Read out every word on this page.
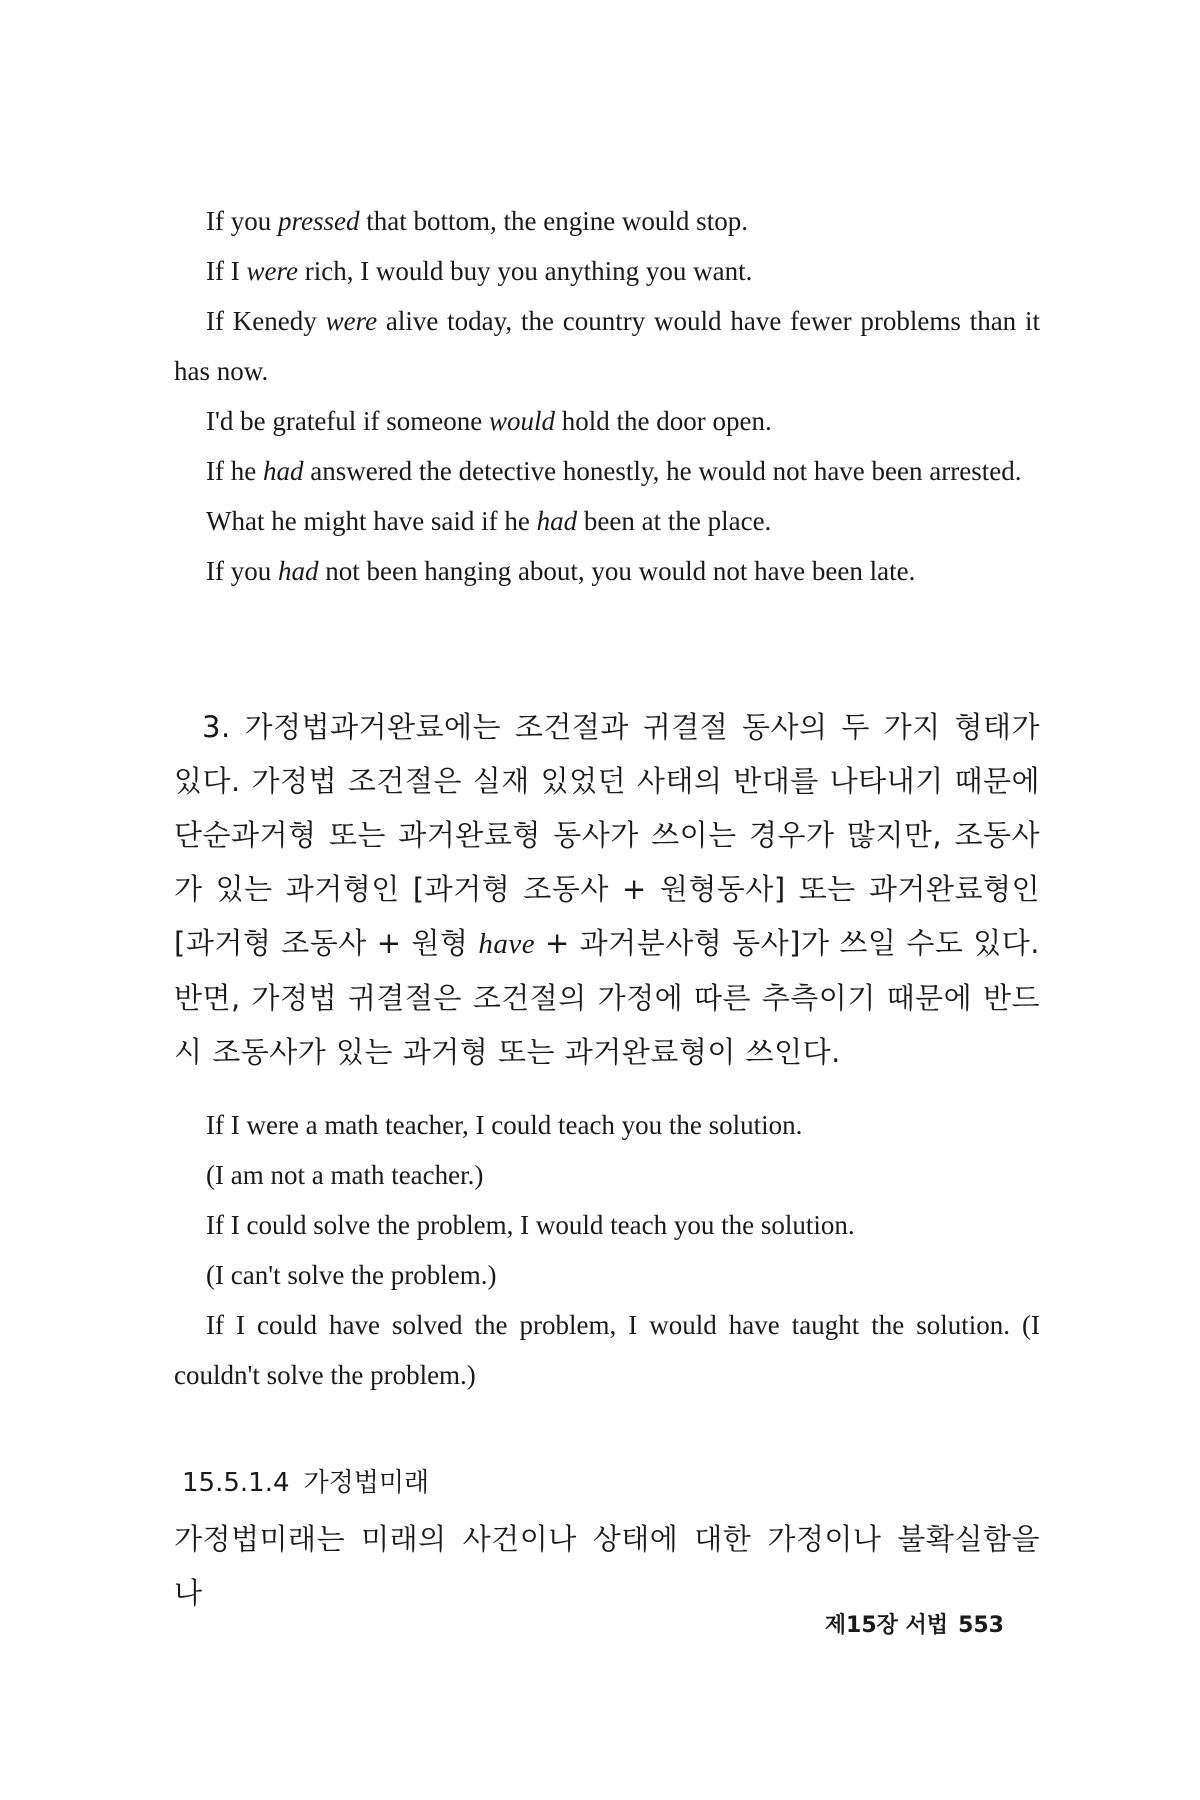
If you pressed that bottom, the engine would stop.

If I were rich, I would buy you anything you want.

If Kenedy were alive today, the country would have fewer problems than it has now.

I'd be grateful if someone would hold the door open.

If he had answered the detective honestly, he would not have been arrested.

What he might have said if he had been at the place.

If you had not been hanging about, you would not have been late.

3. 가정법과거완료에는 조건절과 귀결절 동사의 두 가지 형태가 있다. 가정법 조건절은 실재 있었던 사태의 반대를 나타내기 때문에 단순과거형 또는 과거완료형 동사가 쓰이는 경우가 많지만, 조동사가 있는 과거형인 [과거형 조동사 + 원형동사] 또는 과거완료형인 [과거형 조동사 + 원형 have + 과거분사형 동사]가 쓰일 수도 있다. 반면, 가정법 귀결절은 조건절의 가정에 따른 추측이기 때문에 반드시 조동사가 있는 과거형 또는 과거완료형이 쓰인다.

If I were a math teacher, I could teach you the solution.

(I am not a math teacher.)

If I could solve the problem, I would teach you the solution.

(I can't solve the problem.)

If I could have solved the problem, I would have taught the solution. (I couldn't solve the problem.)

15.5.1.4 가정법미래

가정법미래는 미래의 사건이나 상태에 대한 가정이나 불확실함을 나

제15장 서법 553
